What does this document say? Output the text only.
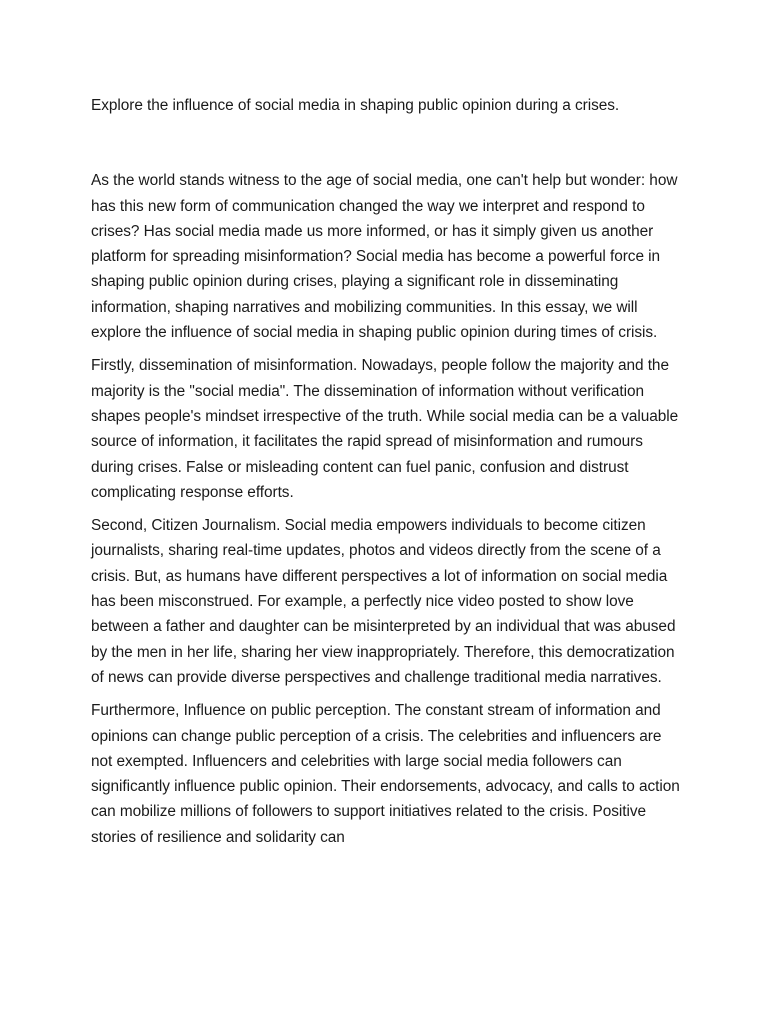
Explore the influence of social media in shaping public opinion during a crises.

As the world stands witness to the age of social media, one can't help but wonder: how has this new form of communication changed the way we interpret and respond to crises? Has social media made us more informed, or has it simply given us another platform for spreading misinformation? Social media has become a powerful force in shaping public opinion during crises, playing a significant role in disseminating information, shaping narratives and mobilizing communities. In this essay, we will explore the influence of social media in shaping public opinion during times of crisis.

Firstly, dissemination of misinformation. Nowadays, people follow the majority and the majority is the "social media". The dissemination of information without verification shapes people's mindset irrespective of the truth. While social media can be a valuable source of information, it facilitates the rapid spread of misinformation and rumours during crises. False or misleading content can fuel panic, confusion and distrust complicating response efforts.

Second, Citizen Journalism. Social media empowers individuals to become citizen journalists, sharing real-time updates, photos and videos directly from the scene of a crisis. But, as humans have different perspectives a lot of information on social media has been misconstrued. For example, a perfectly nice video posted to show love between a father and daughter can be misinterpreted by an individual that was abused by the men in her life, sharing her view inappropriately. Therefore, this democratization of news can provide diverse perspectives and challenge traditional media narratives.

Furthermore, Influence on public perception. The constant stream of information and opinions can change public perception of a crisis. The celebrities and influencers are not exempted. Influencers and celebrities with large social media followers can significantly influence public opinion. Their endorsements, advocacy, and calls to action can mobilize millions of followers to support initiatives related to the crisis. Positive stories of resilience and solidarity can
